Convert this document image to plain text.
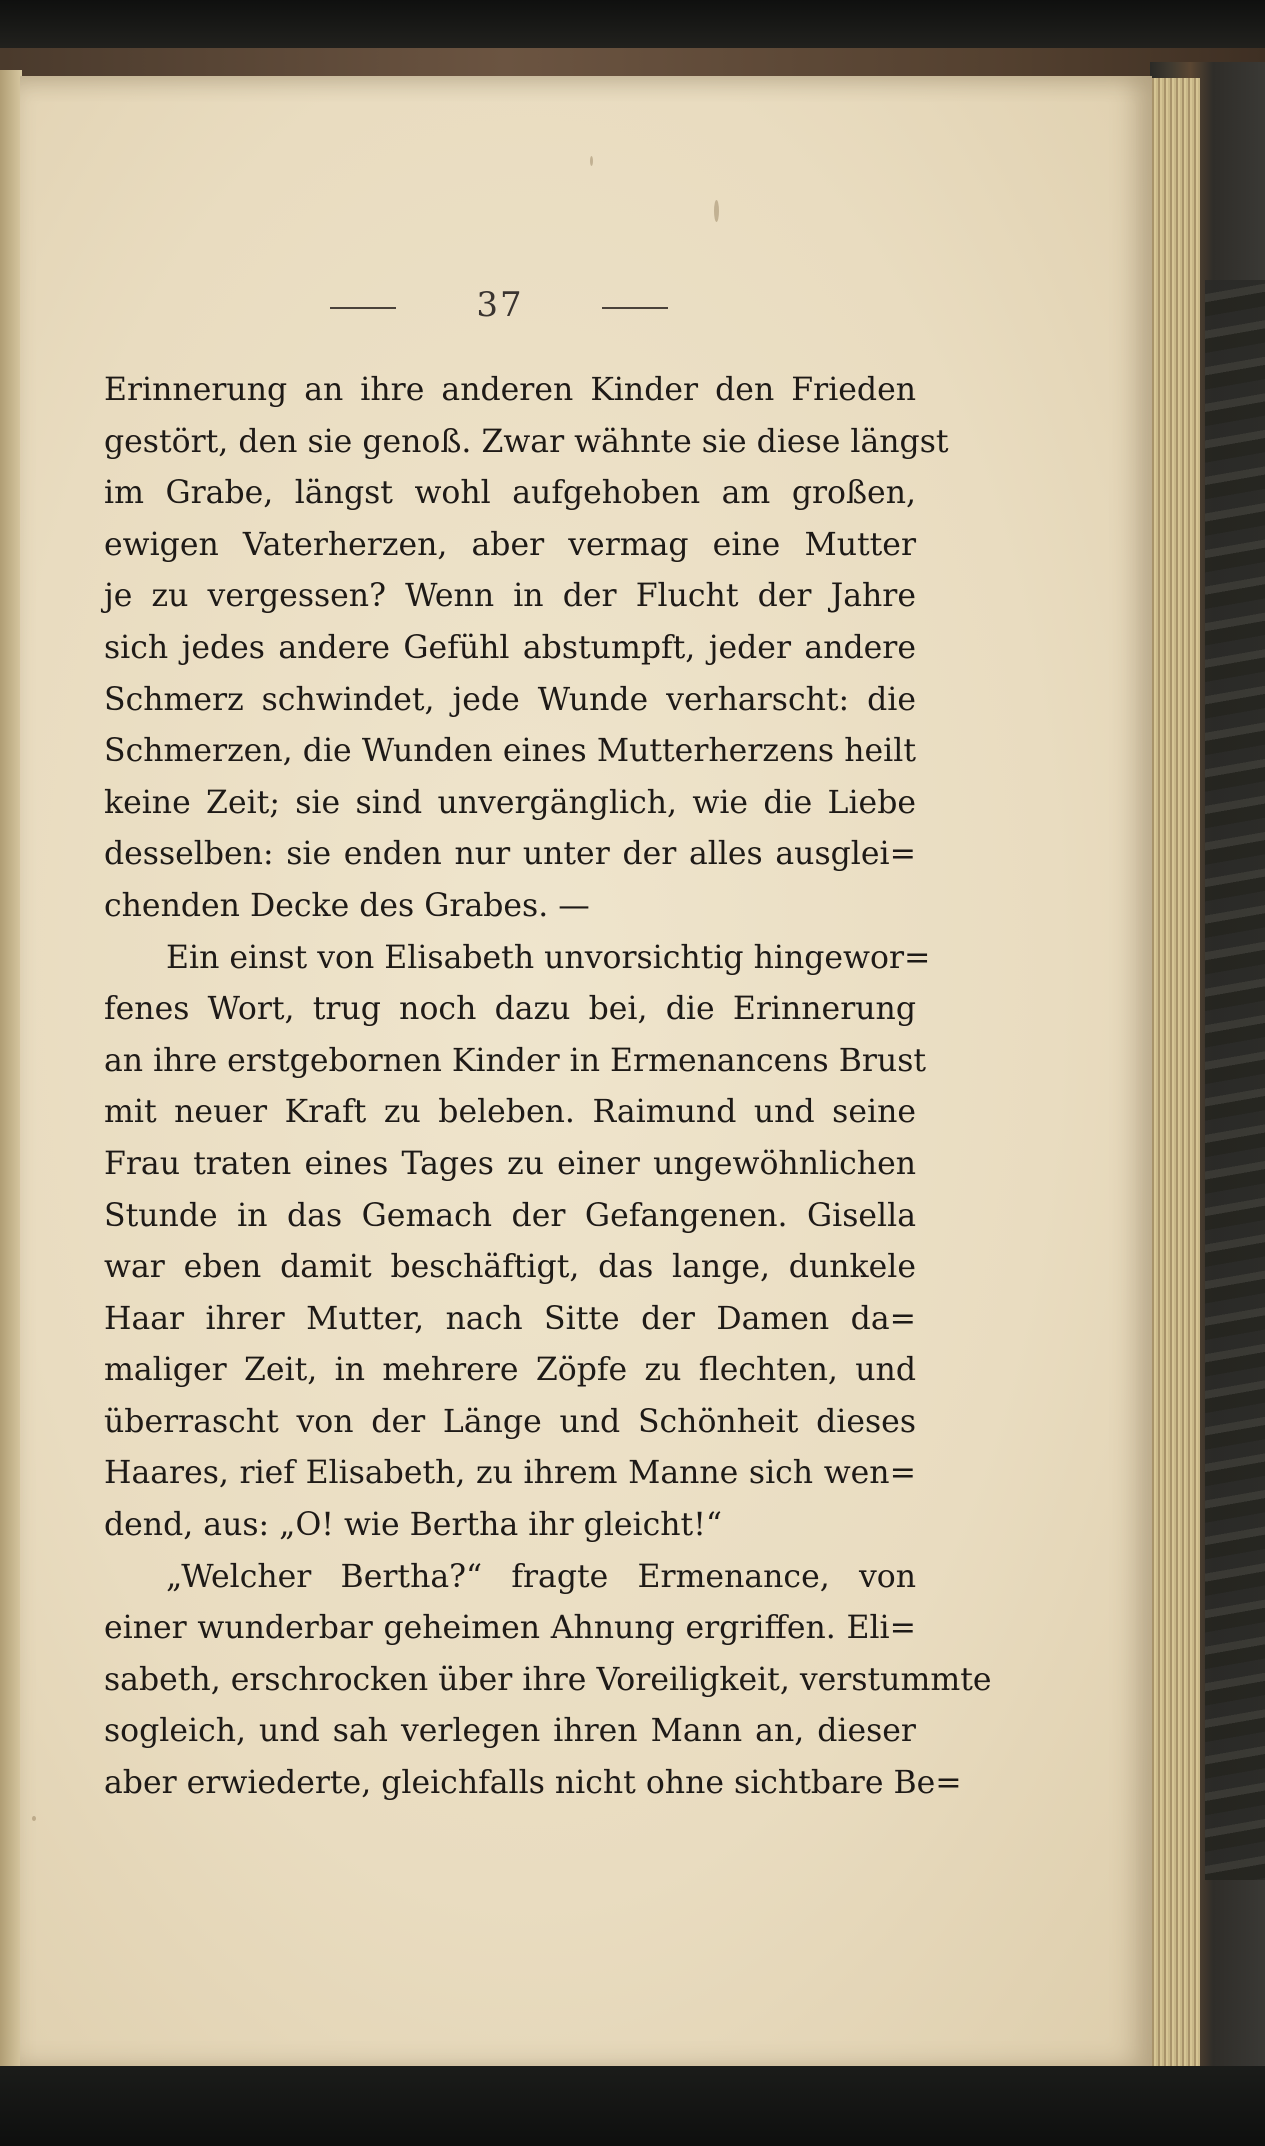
37
Erinnerung an ihre anderen Kinder den Frieden
gestört, den sie genoß. Zwar wähnte sie diese längst
im Grabe, längst wohl aufgehoben am großen,
ewigen Vaterherzen, aber vermag eine Mutter
je zu vergessen? Wenn in der Flucht der Jahre
sich jedes andere Gefühl abstumpft, jeder andere
Schmerz schwindet, jede Wunde verharscht: die
Schmerzen, die Wunden eines Mutterherzens heilt
keine Zeit; sie sind unvergänglich, wie die Liebe
desselben: sie enden nur unter der alles ausglei=
chenden Decke des Grabes. —
Ein einst von Elisabeth unvorsichtig hingewor=
fenes Wort, trug noch dazu bei, die Erinnerung
an ihre erstgebornen Kinder in Ermenancens Brust
mit neuer Kraft zu beleben. Raimund und seine
Frau traten eines Tages zu einer ungewöhnlichen
Stunde in das Gemach der Gefangenen. Gisella
war eben damit beschäftigt, das lange, dunkele
Haar ihrer Mutter, nach Sitte der Damen da=
maliger Zeit, in mehrere Zöpfe zu flechten, und
überrascht von der Länge und Schönheit dieses
Haares, rief Elisabeth, zu ihrem Manne sich wen=
dend, aus: „O! wie Bertha ihr gleicht!“
„Welcher Bertha?“ fragte Ermenance, von
einer wunderbar geheimen Ahnung ergriffen. Eli=
sabeth, erschrocken über ihre Voreiligkeit, verstummte
sogleich, und sah verlegen ihren Mann an, dieser
aber erwiederte, gleichfalls nicht ohne sichtbare Be=
